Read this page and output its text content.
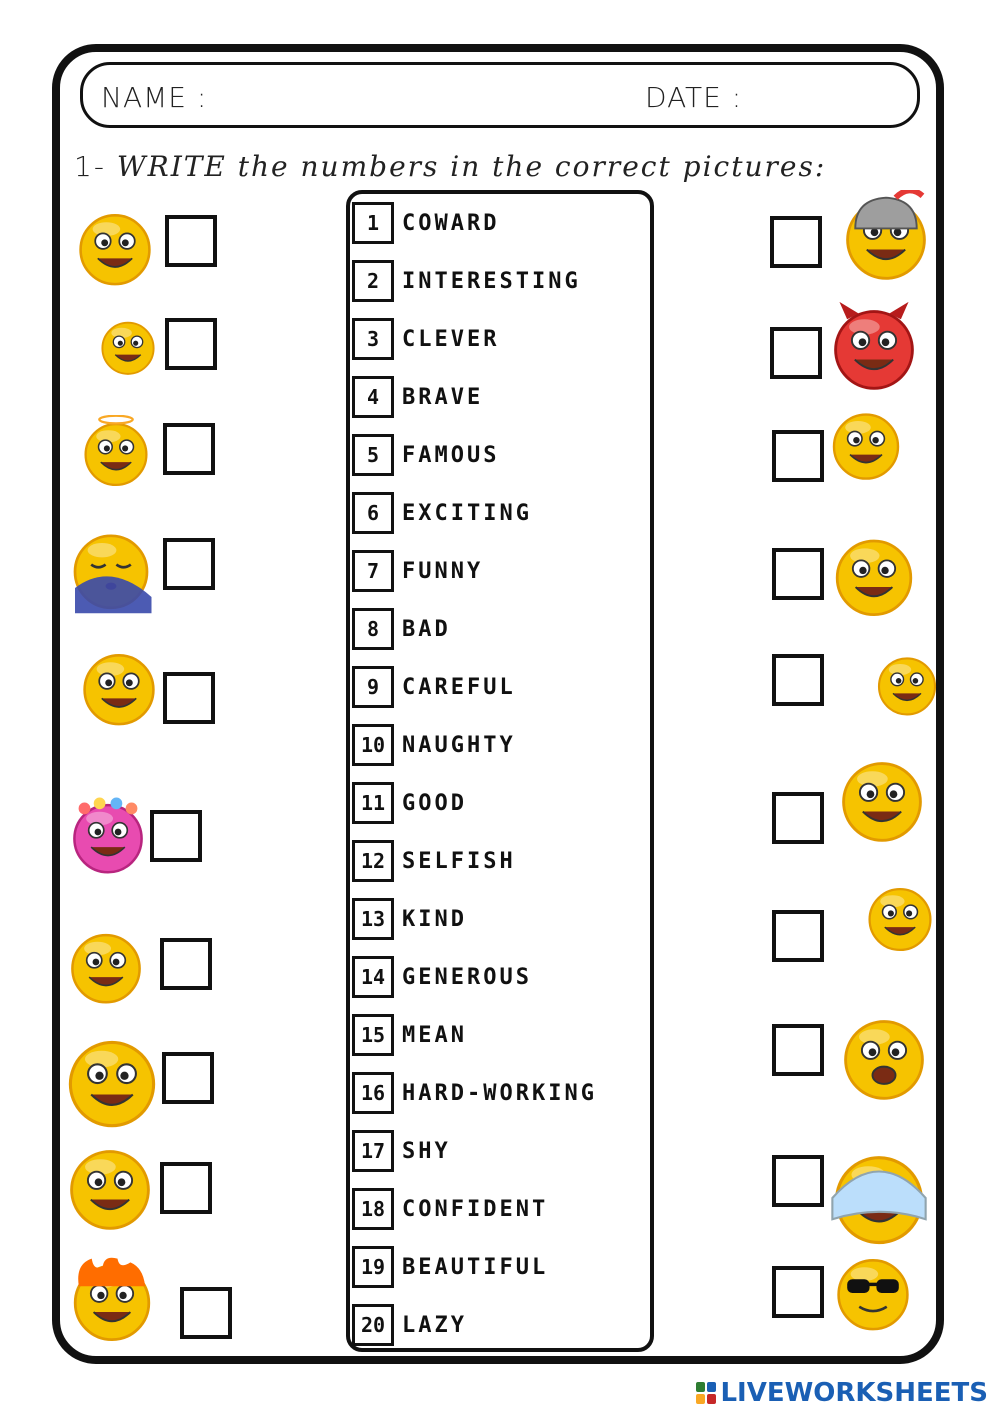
NAME :	DATE :
1- WRITE the numbers in the correct pictures:
1	COWARD
2	INTERESTING
3	CLEVER
4	BRAVE
5	FAMOUS
6	EXCITING
7	FUNNY
8	BAD
9	CAREFUL
10 NAUGHTY
11 GOOD
12 SELFISH
13 KIND
14 GENEROUS
15 MEAN
16 HARD-WORKING
17 SHY
18 CONFIDENT
19 BEAUTIFUL
20 LAZY
LIVEWORKSHEETS
